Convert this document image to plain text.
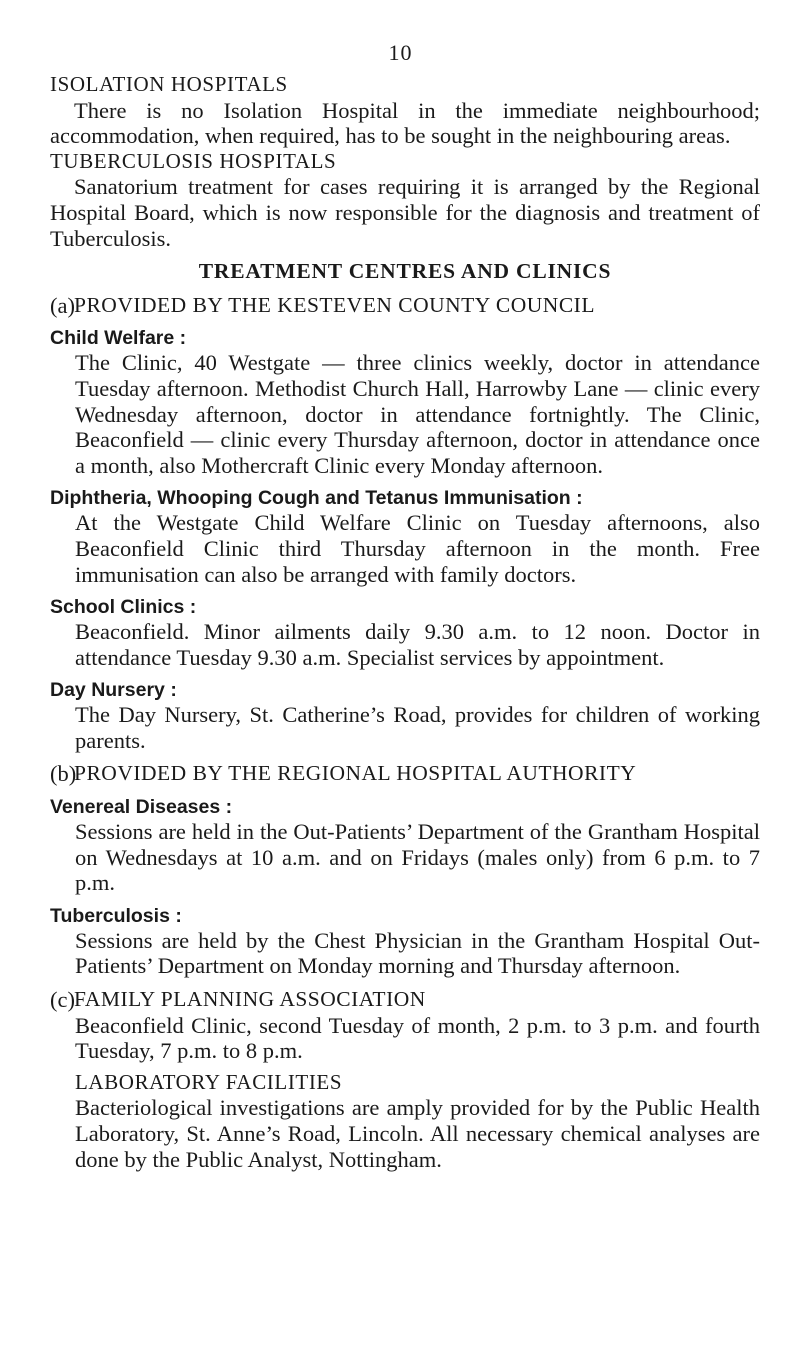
10
ISOLATION HOSPITALS

There is no Isolation Hospital in the immediate neighbourhood; accommodation, when required, has to be sought in the neighbouring areas.

TUBERCULOSIS HOSPITALS

Sanatorium treatment for cases requiring it is arranged by the Regional Hospital Board, which is now responsible for the diagnosis and treatment of Tuberculosis.

TREATMENT CENTRES AND CLINICS
(a) PROVIDED BY THE KESTEVEN COUNTY COUNCIL
Child Welfare :
The Clinic, 40 Westgate — three clinics weekly, doctor in attendance Tuesday afternoon. Methodist Church Hall, Harrowby Lane — clinic every Wednesday afternoon, doctor in attendance fortnightly. The Clinic, Beaconfield — clinic every Thursday afternoon, doctor in attendance once a month, also Mothercraft Clinic every Monday afternoon.
Diphtheria, Whooping Cough and Tetanus Immunisation :
At the Westgate Child Welfare Clinic on Tuesday afternoons, also Beaconfield Clinic third Thursday afternoon in the month. Free immunisation can also be arranged with family doctors.
School Clinics :
Beaconfield. Minor ailments daily 9.30 a.m. to 12 noon. Doctor in attendance Tuesday 9.30 a.m. Specialist services by appointment.
Day Nursery :
The Day Nursery, St. Catherine’s Road, provides for children of working parents.
(b)
PROVIDED BY THE REGIONAL HOSPITAL AUTHORITY
Venereal Diseases :
Sessions are held in the Out-Patients’ Department of the Grantham Hospital on Wednesdays at 10 a.m. and on Fridays (males only) from 6 p.m. to 7 p.m.
Tuberculosis :
Sessions are held by the Chest Physician in the Grantham Hospital Out-Patients’ Department on Monday morning and Thursday afternoon.
(c) FAMILY PLANNING ASSOCIATION
Beaconfield Clinic, second Tuesday of month, 2 p.m. to 3 p.m. and fourth Tuesday, 7 p.m. to 8 p.m.
LABORATORY FACILITIES
Bacteriological investigations are amply provided for by the Public Health Laboratory, St. Anne’s Road, Lincoln. All necessary chemical analyses are done by the Public Analyst, Nottingham.
